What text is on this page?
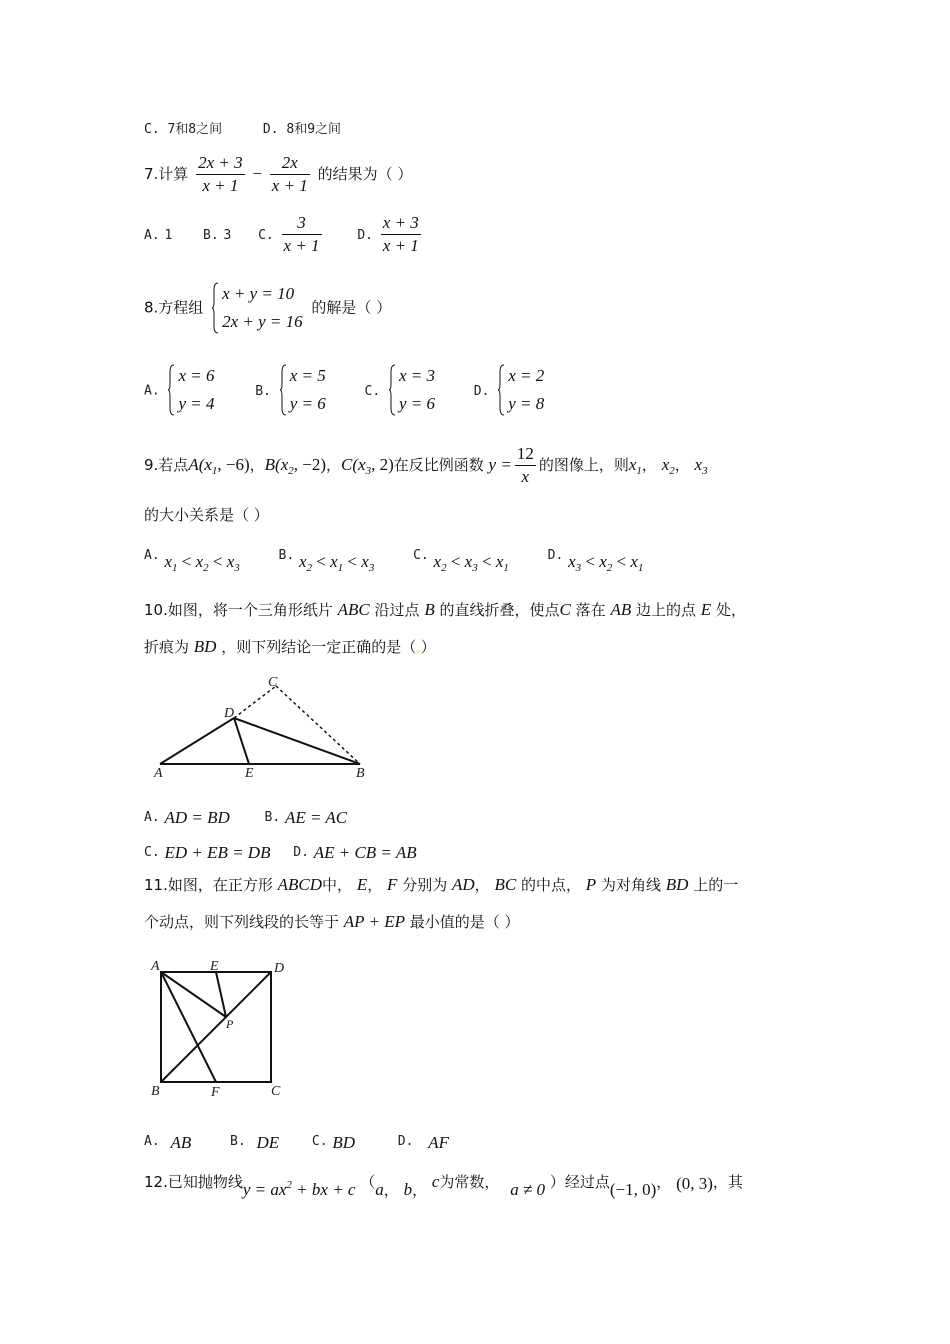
C. 7和8之间	D. 8和9之间
7.计算 $\frac{2x + 3}{x + 1} - \frac{2x}{x + 1}$ 的结果为（ ）
A. 1 B. 3 C. $\frac{3}{x + 1}$	D. $\frac{x + 3}{x + 1}$
8.方程组
x + y = 10
2x + y = 16
的解是（ ）
A.
x = 6
y = 4
B.
x = 5
y = 6
C.
x = 3
y = 6
D.
x = 2
y = 8
9.若点$A(x_1$, −6)，$B(x_2$, −2)，$C(x_3$, 2)在反比例函数 $y = \frac{12}{x}$ 的图像上，则$x_1$， $x_2$， $x_3$
的大小关系是（ ）
A. $x_1 < x_2 < x_3$ B. $x_2 < x_1 < x_3$ C. $x_2 < x_3 < x_1$ D. $x_3 < x_2 < x_1$
10.如图，将一个三角形纸片 ABC 沿过点 B 的直线折叠，使点C 落在 AB 边上的点 E 处，
折痕为 BD ，则下列结论一定正确的是（。）
A	B
C
D
E
A. AD = BD	B. AE = AC
C. ED + EB = DB D. AE + CB = AB
11.如图，在正方形 ABCD中， E， F 分别为 AD， BC 的中点， P 为对角线 BD 上的一
个动点，则下列线段的长等于 AP + EP 最小值的是（ ）
A	E	D
P
B	F	C
A. AB	B. DE	C. BD	D. AF
12.已知抛物线$y = ax^2$ + bx + c （a， b， c为常数， a ≠ 0 ）经过点(−1, 0)， (0, 3)，其
